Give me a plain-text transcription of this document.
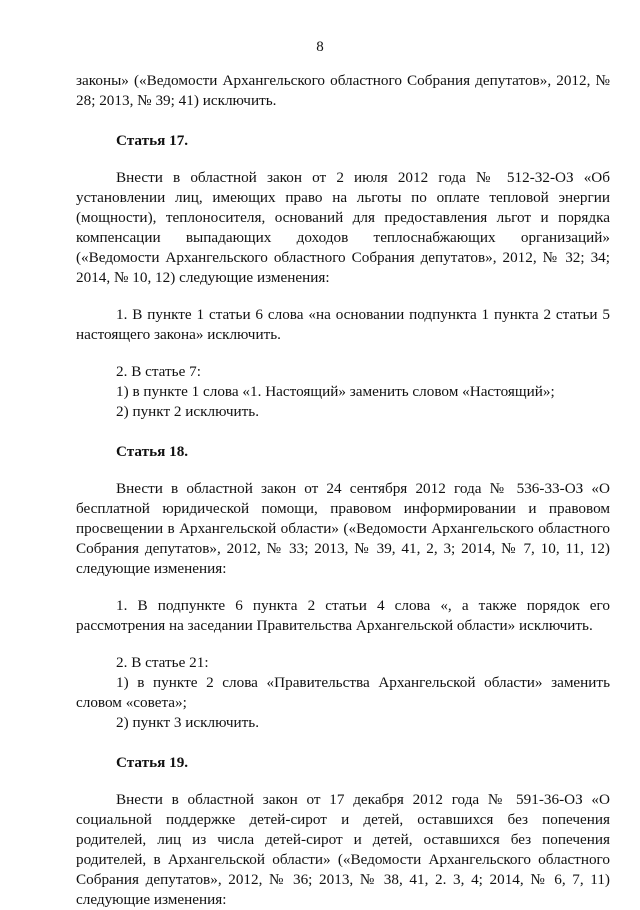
8

законы» («Ведомости Архангельского областного Собрания депутатов», 2012, № 28; 2013, № 39; 41) исключить.

Статья 17.

Внести в областной закон от 2 июля 2012 года № 512-32-ОЗ «Об установлении лиц, имеющих право на льготы по оплате тепловой энергии (мощности), теплоносителя, оснований для предоставления льгот и порядка компенсации выпадающих доходов теплоснабжающих организаций» («Ведомости Архангельского областного Собрания депутатов», 2012, № 32; 34; 2014, № 10, 12) следующие изменения:

1. В пункте 1 статьи 6 слова «на основании подпункта 1 пункта 2 статьи 5 настоящего закона» исключить.

2. В статье 7:

1) в пункте 1 слова «1. Настоящий» заменить словом «Настоящий»;

2) пункт 2 исключить.

Статья 18.

Внести в областной закон от 24 сентября 2012 года № 536-33-ОЗ «О бесплатной юридической помощи, правовом информировании и правовом просвещении в Архангельской области» («Ведомости Архангельского областного Собрания депутатов», 2012, № 33; 2013, № 39, 41, 2, 3; 2014, № 7, 10, 11, 12) следующие изменения:

1. В подпункте 6 пункта 2 статьи 4 слова «, а также порядок его рассмотрения на заседании Правительства Архангельской области» исключить.

2. В статье 21:

1) в пункте 2 слова «Правительства Архангельской области» заменить словом «совета»;

2) пункт 3 исключить.

Статья 19.

Внести в областной закон от 17 декабря 2012 года № 591-36-ОЗ «О социальной поддержке детей-сирот и детей, оставшихся без попечения родителей, лиц из числа детей-сирот и детей, оставшихся без попечения родителей, в Архангельской области» («Ведомости Архангельского областного Собрания депутатов», 2012, № 36; 2013, № 38, 41, 2. 3, 4; 2014, № 6, 7, 11) следующие изменения:
